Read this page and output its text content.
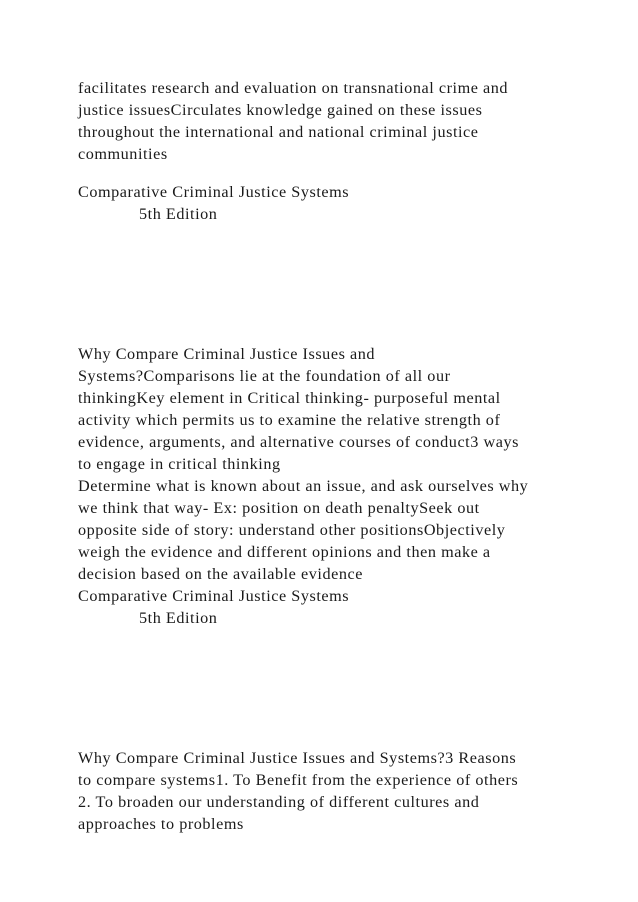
facilitates research and evaluation on transnational crime and
justice issuesCirculates knowledge gained on these issues
throughout the international and national criminal justice
communities
Comparative Criminal Justice Systems
5th Edition
Why Compare Criminal Justice Issues and
Systems?Comparisons lie at the foundation of all our
thinkingKey element in Critical thinking- purposeful mental
activity which permits us to examine the relative strength of
evidence, arguments, and alternative courses of conduct3 ways
to engage in critical thinking
Determine what is known about an issue, and ask ourselves why
we think that way- Ex: position on death penaltySeek out
opposite side of story: understand other positionsObjectively
weigh the evidence and different opinions and then make a
decision based on the available evidence
Comparative Criminal Justice Systems
5th Edition
Why Compare Criminal Justice Issues and Systems?3 Reasons
to compare systems1. To Benefit from the experience of others
2. To broaden our understanding of different cultures and
approaches to problems
